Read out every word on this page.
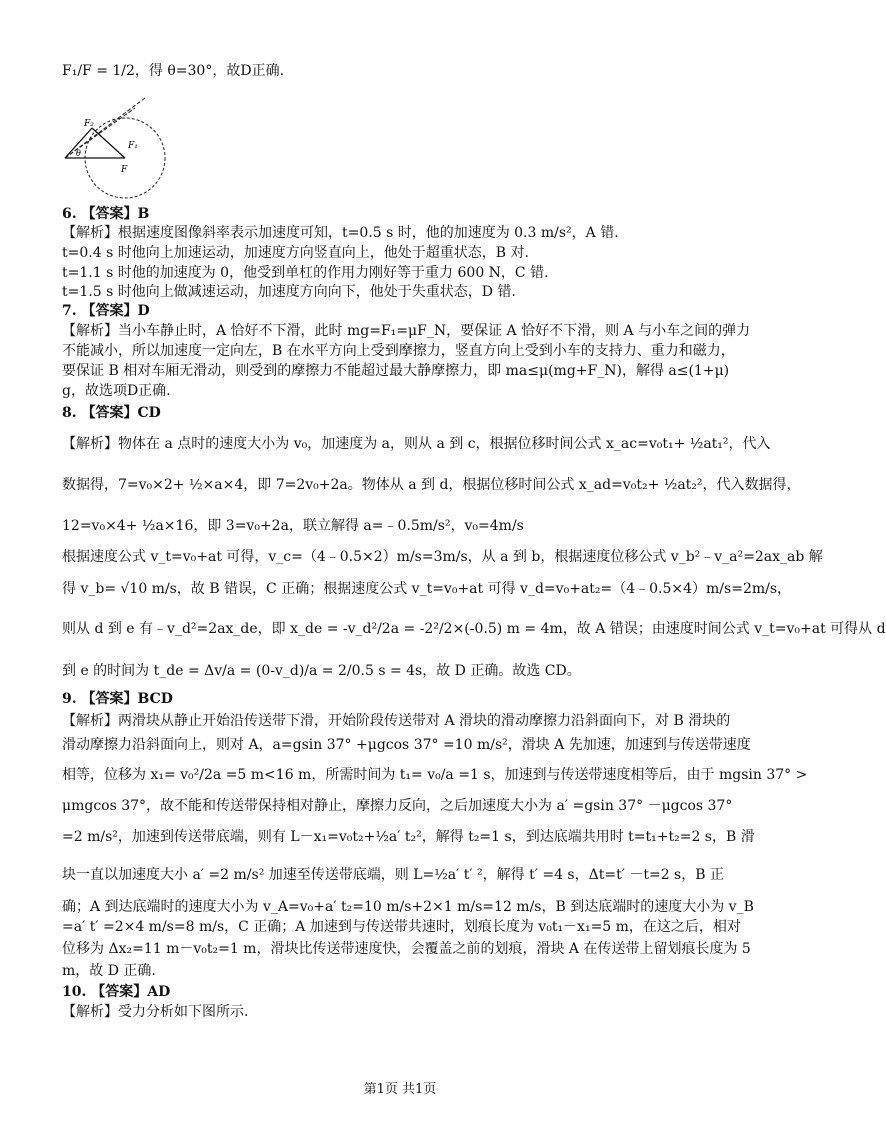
F₁/F = 1/2，得 θ=30°，故D正确.
F₂
θ
F₁
F
6. 【答案】B
【解析】根据速度图像斜率表示加速度可知，t=0.5 s 时，他的加速度为 0.3 m/s²，A 错.
t=0.4 s 时他向上加速运动，加速度方向竖直向上，他处于超重状态，B 对.
t=1.1 s 时他的加速度为 0，他受到单杠的作用力刚好等于重力 600 N，C 错.
t=1.5 s 时他向上做减速运动，加速度方向向下，他处于失重状态，D 错.
7. 【答案】D
【解析】当小车静止时，A 恰好不下滑，此时 mg=F₁=μF_N，要保证 A 恰好不下滑，则 A 与小车之间的弹力
不能减小，所以加速度一定向左，B 在水平方向上受到摩擦力，竖直方向上受到小车的支持力、重力和磁力，
要保证 B 相对车厢无滑动，则受到的摩擦力不能超过最大静摩擦力，即 ma≤μ(mg+F_N)，解得 a≤(1+μ)
g，故选项D正确.
8. 【答案】CD
【解析】物体在 a 点时的速度大小为 v₀，加速度为 a，则从 a 到 c，根据位移时间公式 x_ac=v₀t₁+ ½at₁²，代入
数据得，7=v₀×2+ ½×a×4，即 7=2v₀+2a。物体从 a 到 d，根据位移时间公式 x_ad=v₀t₂+ ½at₂²，代入数据得，
12=v₀×4+ ½a×16，即 3=v₀+2a，联立解得 a=﹣0.5m/s²，v₀=4m/s
根据速度公式 v_t=v₀+at 可得，v_c=（4﹣0.5×2）m/s=3m/s，从 a 到 b，根据速度位移公式 v_b²﹣v_a²=2ax_ab 解
得 v_b= √10 m/s，故 B 错误，C 正确；根据速度公式 v_t=v₀+at 可得 v_d=v₀+at₂=（4﹣0.5×4）m/s=2m/s，
则从 d 到 e 有﹣v_d²=2ax_de，即 x_de = -v_d²/2a = -2²/2×(-0.5) m = 4m，故 A 错误；由速度时间公式 v_t=v₀+at 可得从 d
到 e 的时间为 t_de = Δv/a = (0-v_d)/a = 2/0.5 s = 4s，故 D 正确。故选 CD。
9. 【答案】BCD
【解析】两滑块从静止开始沿传送带下滑，开始阶段传送带对 A 滑块的滑动摩擦力沿斜面向下，对 B 滑块的
滑动摩擦力沿斜面向上，则对 A，a=gsin 37° +μgcos 37° =10 m/s²，滑块 A 先加速，加速到与传送带速度
相等，位移为 x₁= v₀²/2a =5 m<16 m，所需时间为 t₁= v₀/a =1 s，加速到与传送带速度相等后，由于 mgsin 37° >
μmgcos 37°，故不能和传送带保持相对静止，摩擦力反向，之后加速度大小为 a′ =gsin 37° －μgcos 37°
=2 m/s²，加速到传送带底端，则有 L－x₁=v₀t₂+½a′ t₂²，解得 t₂=1 s，到达底端共用时 t=t₁+t₂=2 s，B 滑
块一直以加速度大小 a′ =2 m/s² 加速至传送带底端，则 L=½a′ t′ ²，解得 t′ =4 s，Δt=t′ －t=2 s，B 正
确；A 到达底端时的速度大小为 v_A=v₀+a′ t₂=10 m/s+2×1 m/s=12 m/s，B 到达底端时的速度大小为 v_B
=a′ t′ =2×4 m/s=8 m/s，C 正确；A 加速到与传送带共速时，划痕长度为 v₀t₁－x₁=5 m，在这之后，相对
位移为 Δx₂=11 m－v₀t₂=1 m，滑块比传送带速度快，会覆盖之前的划痕，滑块 A 在传送带上留划痕长度为 5
m，故 D 正确.
10. 【答案】AD
【解析】受力分析如下图所示.
第1页 共1页
